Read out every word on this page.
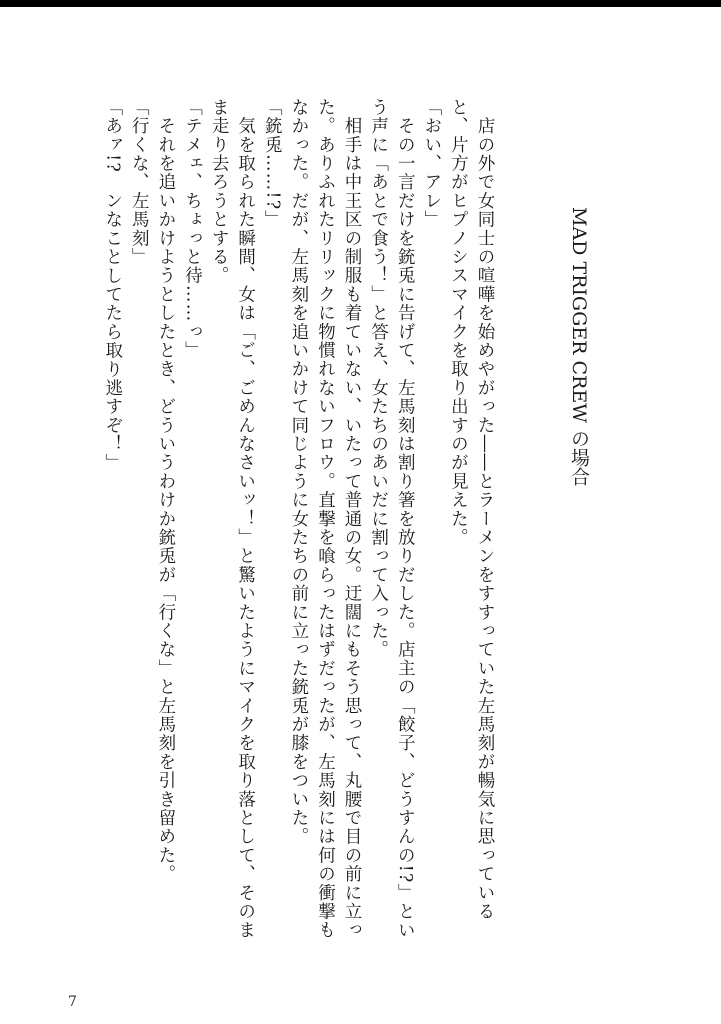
MAD TRIGGER CREW の場合

　店の外で女同士の喧嘩を始めやがった――とラーメンをすすっていた左馬刻が暢気に思っていると、片方がヒプノシスマイクを取り出すのが見えた。

「おい、アレ」

　その一言だけを銃兎に告げて、左馬刻は割り箸を放りだした。店主の「餃子、どうすんの!?」という声に「あとで食う！」と答え、女たちのあいだに割って入った。

　相手は中王区の制服も着ていない、いたって普通の女。迂闊にもそう思って、丸腰で目の前に立った。ありふれたリリックに物慣れないフロウ。直撃を喰らったはずだったが、左馬刻には何の衝撃もなかった。だが、左馬刻を追いかけて同じように女たちの前に立った銃兎が膝をついた。

「銃兎……!?」

　気を取られた瞬間、女は「ご、ごめんなさいッ！」と驚いたようにマイクを取り落として、そのまま走り去ろうとする。

「テメェ、ちょっと待……っ」

　それを追いかけようとしたとき、どういうわけか銃兎が「行くな」と左馬刻を引き留めた。

「行くな、左馬刻」

「あァ!?　ンなことしてたら取り逃すぞ！」

7
